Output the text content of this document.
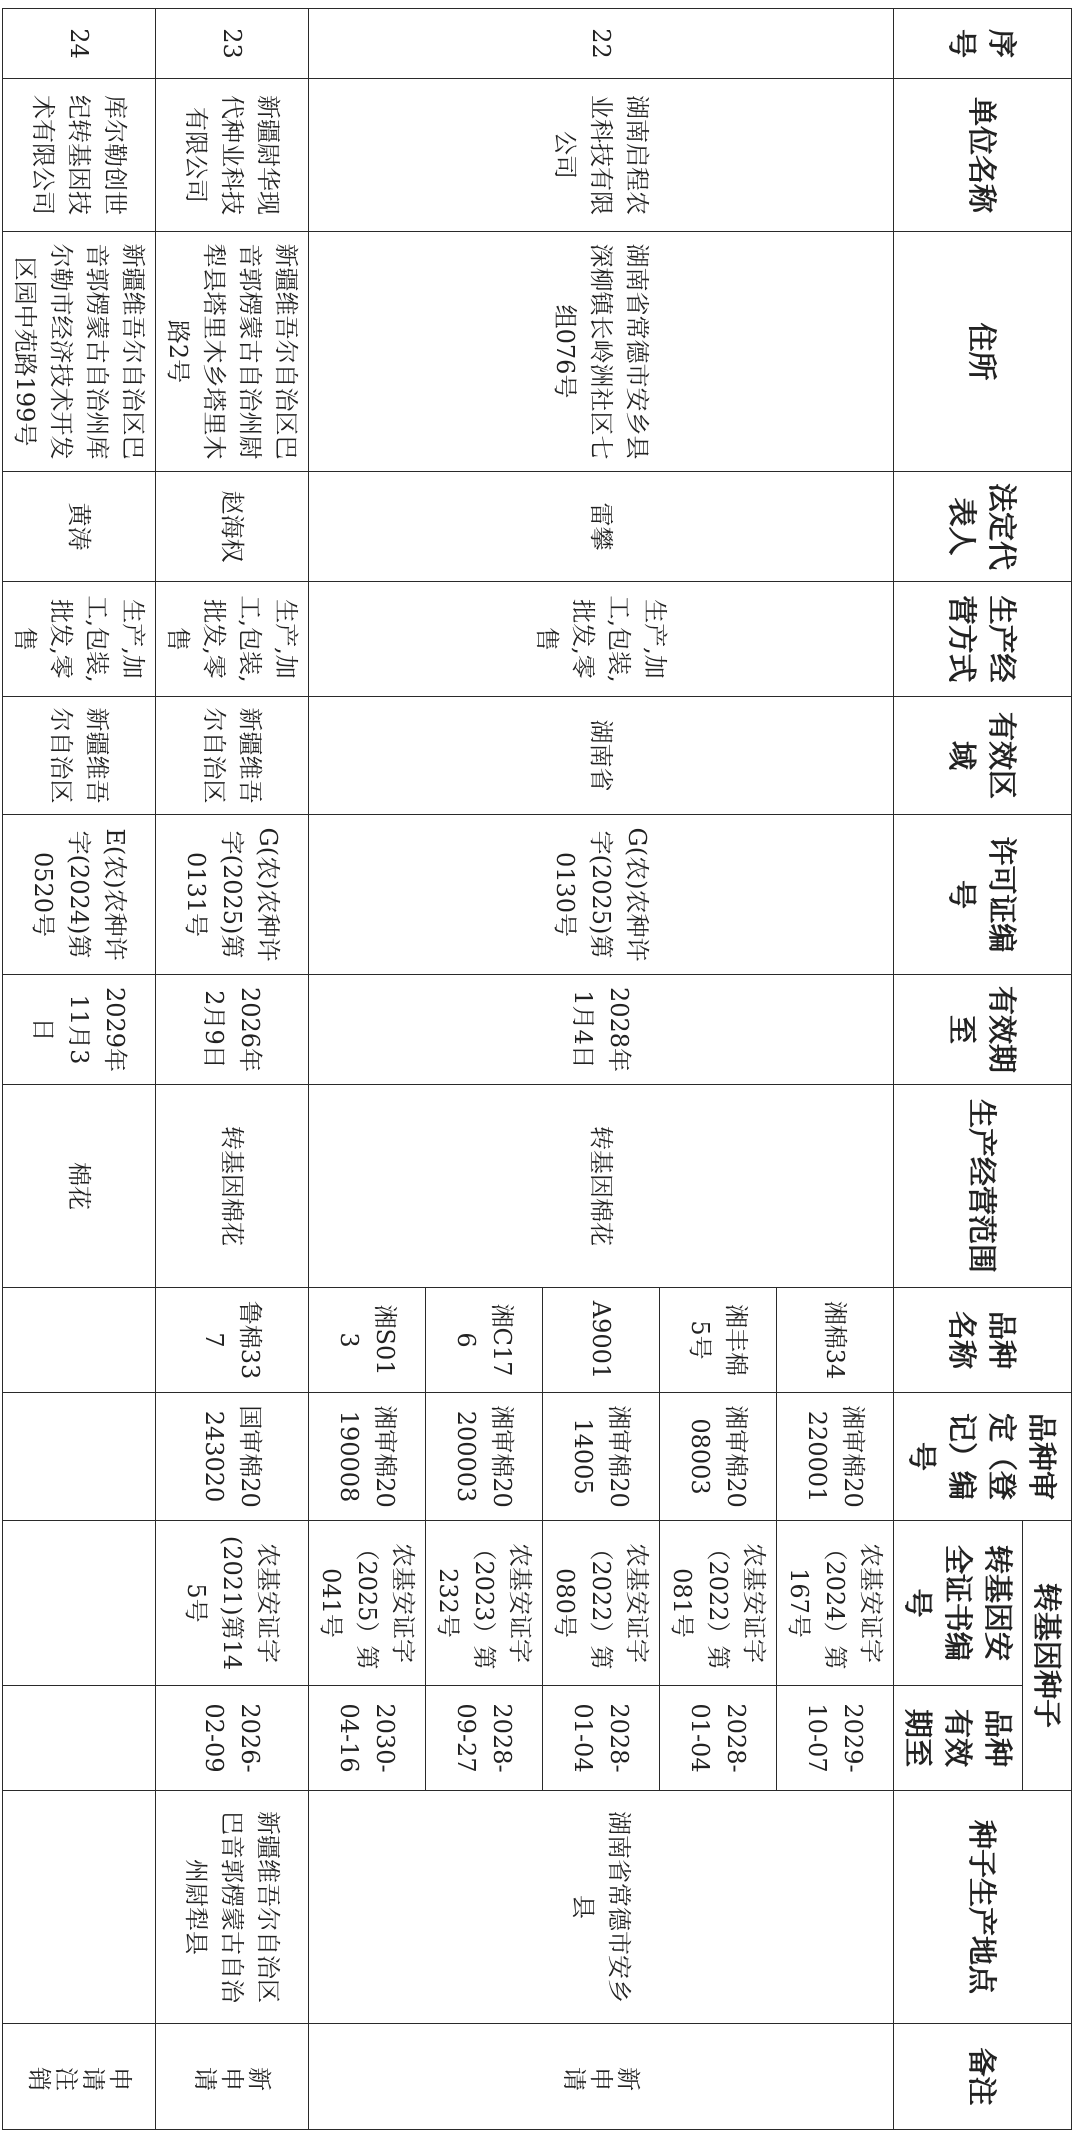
序号	单位名称	住所	法定代表人	生产经营方式	有效区域	许可证编号	有效期至	生产经营范围	品种名称	品种审定（登记）编号	转基因种子		种子生产地点	备注
											转基因安全证书编号	品种有效期至		
22	湖南启程农业科技有限公司	湖南省常德市安乡县深柳镇长岭洲社区七组076号	雷攀	生产,加工,包装,批发,零售	湖南省	G(农)农种许字(2025)第0130号	2028年1月4日	转基因棉花	湘棉34	湘审棉20220001	农基安证字（2024）第167号	2029-10-07	湖南省常德市安乡县	新申请

									湘丰棉5号	湘审棉2008003	农基安证字（2022）第081号	2028-01-04		
									A9001	湘审棉2014005	农基安证字（2022）第080号	2028-01-04		
									湘C176	湘审棉20200003	农基安证字（2023）第232号	2028-09-27		
									湘S013	湘审棉20190008	农基安证字（2025）第041号	2030-04-16		
23	新疆尉华现代种业科技有限公司	新疆维吾尔自治区巴音郭楞蒙古自治州尉犁县塔里木乡塔里木路2号	赵海权	生产,加工,包装,批发,零售	新疆维吾尔自治区	G(农)农种许字(2025)第0131号	2026年2月9日	转基因棉花	鲁棉337	国审棉20243020	农基安证字(2021)第145号	2026-02-09	新疆维吾尔自治区巴音郭楞蒙古自治州尉犁县	新申请

24	库尔勒创世纪转基因技术有限公司	新疆维吾尔自治区巴音郭楞蒙古自治州库尔勒市经济技术开发区园中苑路199号	黄涛	生产,加工,包装,批发,零售	新疆维吾尔自治区	E(农)农种许字(2024)第0520号	2029年11月3日	棉花						申请注销
